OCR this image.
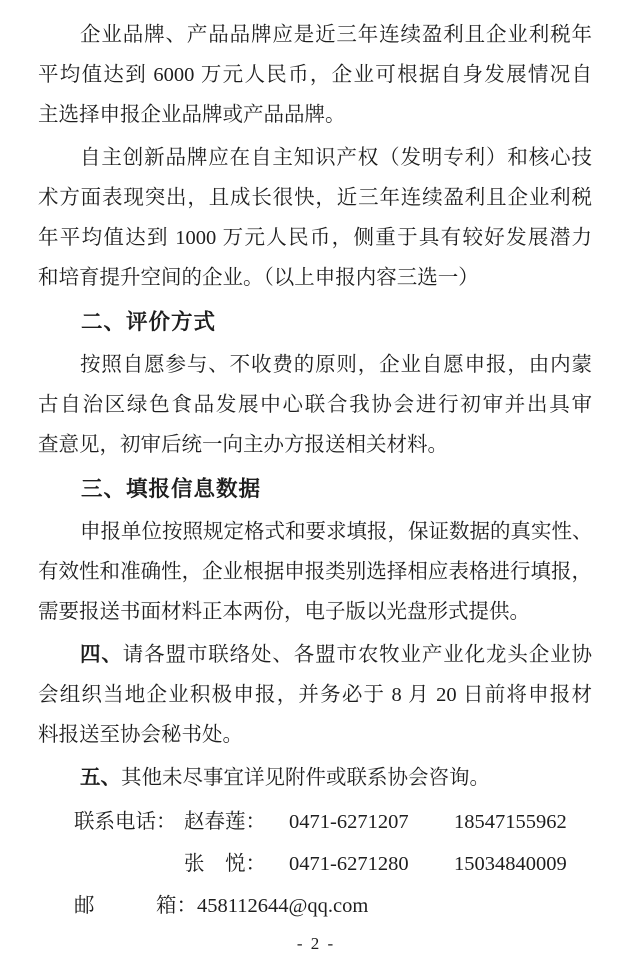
企业品牌、产品品牌应是近三年连续盈利且企业利税年
平均值达到 6000 万元人民币，企业可根据自身发展情况自
主选择申报企业品牌或产品品牌。
自主创新品牌应在自主知识产权（发明专利）和核心技
术方面表现突出，且成长很快，近三年连续盈利且企业利税
年平均值达到 1000 万元人民币，侧重于具有较好发展潜力
和培育提升空间的企业。（以上申报内容三选一）
二、评价方式
按照自愿参与、不收费的原则，企业自愿申报，由内蒙
古自治区绿色食品发展中心联合我协会进行初审并出具审
查意见，初审后统一向主办方报送相关材料。
三、填报信息数据
申报单位按照规定格式和要求填报，保证数据的真实性、
有效性和准确性，企业根据申报类别选择相应表格进行填报，
需要报送书面材料正本两份，电子版以光盘形式提供。
四、请各盟市联络处、各盟市农牧业产业化龙头企业协
会组织当地企业积极申报，并务必于 8 月 20 日前将申报材
料报送至协会秘书处。
五、其他未尽事宜详见附件或联系协会咨询。
联系电话： 赵春莲： 0471-6271207 18547155962
张　悦： 0471-6271280 15034840009
邮　　　箱：458112644@qq.com
- 2 -
